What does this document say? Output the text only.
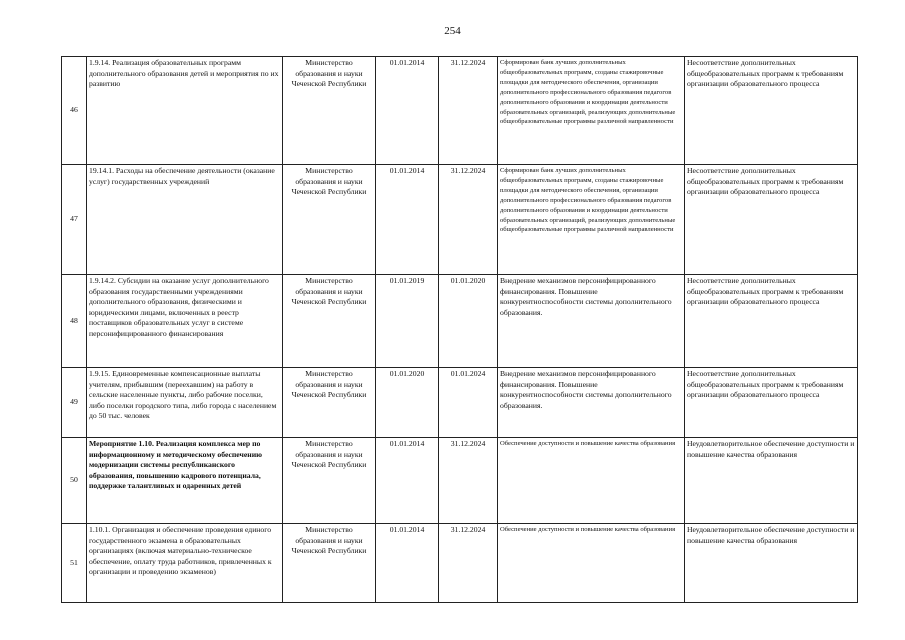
254
46	1.9.14. Реализация образовательных программ дополнительного образования детей и мероприятия по их развитию	Министерство образования и науки Чеченской Республики	01.01.2014	31.12.2024	Сформирован банк лучших дополнительных общеобразовательных программ, созданы стажировочные площадки для методического обеспечения, организации дополнительного профессионального образования педагогов дополнительного образования и координации деятельности образовательных организаций, реализующих дополнительные общеобразовательные программы различной направленности	Несоответствие дополнительных общеобразовательных программ к требованиям организации образовательного процесса
47	19.14.1. Расходы на обеспечение деятельности (оказание услуг) государственных учреждений	Министерство образования и науки Чеченской Республики	01.01.2014	31.12.2024	Сформирован банк лучших дополнительных общеобразовательных программ, созданы стажировочные площадки для методического обеспечения, организации дополнительного профессионального образования педагогов дополнительного образования и координации деятельности образовательных организаций, реализующих дополнительные общеобразовательные программы различной направленности	Несоответствие дополнительных общеобразовательных программ к требованиям организации образовательного процесса
48	1.9.14.2. Субсидии на оказание услуг дополнительного образования государственными учреждениями дополнительного образования, физическими и юридическими лицами, включенных в реестр поставщиков образовательных услуг в системе персонифицированного финансирования	Министерство образования и науки Чеченской Республики	01.01.2019	01.01.2020	Внедрение механизмов персонифицированного финансирования. Повышение конкурентноспособности системы дополнительного образования.	Несоответствие дополнительных общеобразовательных программ к требованиям организации образовательного процесса
49	1.9.15. Единовременные компенсационные выплаты учителям, прибывшим (переехавшим) на работу в сельские населенные пункты, либо рабочие поселки, либо поселки городского типа, либо города с населением до 50 тыс. человек	Министерство образования и науки Чеченской Республики	01.01.2020	01.01.2024	Внедрение механизмов персонифицированного финансирования. Повышение конкурентноспособности системы дополнительного образования.	Несоответствие дополнительных общеобразовательных программ к требованиям организации образовательного процесса
50	Мероприятие 1.10. Реализация комплекса мер по информационному и методическому обеспечению модернизации системы республиканского образования, повышению кадрового потенциала, поддержке талантливых и одаренных детей	Министерство образования и науки Чеченской Республики	01.01.2014	31.12.2024	Обеспечение доступности и повышение качества образования	Неудовлетворительное обеспечение доступности и повышение качества образования
51	1.10.1. Организация и обеспечение проведения единого государственного экзамена в образовательных организациях (включая материально-техническое обеспечение, оплату труда работников, привлеченных к организации и проведению экзаменов)	Министерство образования и науки Чеченской Республики	01.01.2014	31.12.2024	Обеспечение доступности и повышение качества образования	Неудовлетворительное обеспечение доступности и повышение качества образования
